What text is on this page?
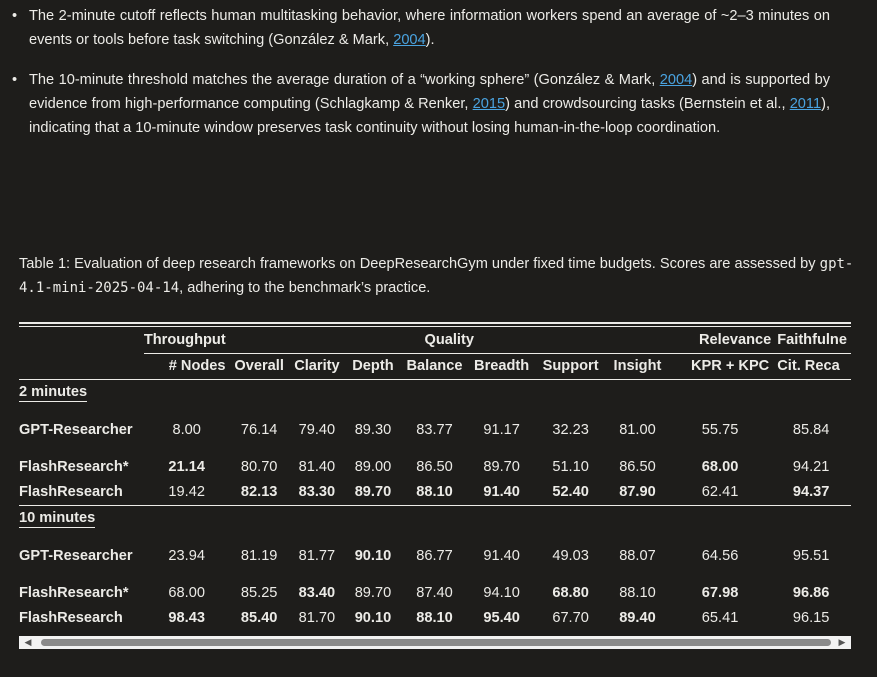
• The 2-minute cutoff reflects human multitasking behavior, where information workers spend an average of ~2–3 minutes on events or tools before task switching (González & Mark, 2004).
• The 10-minute threshold matches the average duration of a “working sphere” (González & Mark, 2004) and is supported by evidence from high-performance computing (Schlagkamp & Renker, 2015) and crowdsourcing tasks (Bernstein et al., 2011), indicating that a 10-minute window preserves task continuity without losing human-in-the-loop coordination.
Table 1: Evaluation of deep research frameworks on DeepResearchGym under fixed time budgets. Scores are assessed by gpt-4.1-mini-2025-04-14, adhering to the benchmark’s practice.
	Throughput	Quality							Relevance	Faithfulne
	# Nodes	Overall	Clarity	Depth	Balance	Breadth	Support	Insight	KPR + KPC	Cit. Reca
2 minutes										
GPT-Researcher	8.00	76.14	79.40	89.30	83.77	91.17	32.23	81.00	55.75	85.84
FlashResearch*	21.14	80.70	81.40	89.00	86.50	89.70	51.10	86.50	68.00	94.21
FlashResearch	19.42	82.13	83.30	89.70	88.10	91.40	52.40	87.90	62.41	94.37
10 minutes										
GPT-Researcher	23.94	81.19	81.77	90.10	86.77	91.40	49.03	88.07	64.56	95.51
FlashResearch*	68.00	85.25	83.40	89.70	87.40	94.10	68.80	88.10	67.98	96.86
FlashResearch	98.43	85.40	81.70	90.10	88.10	95.40	67.70	89.40	65.41	96.15
◀	▶
